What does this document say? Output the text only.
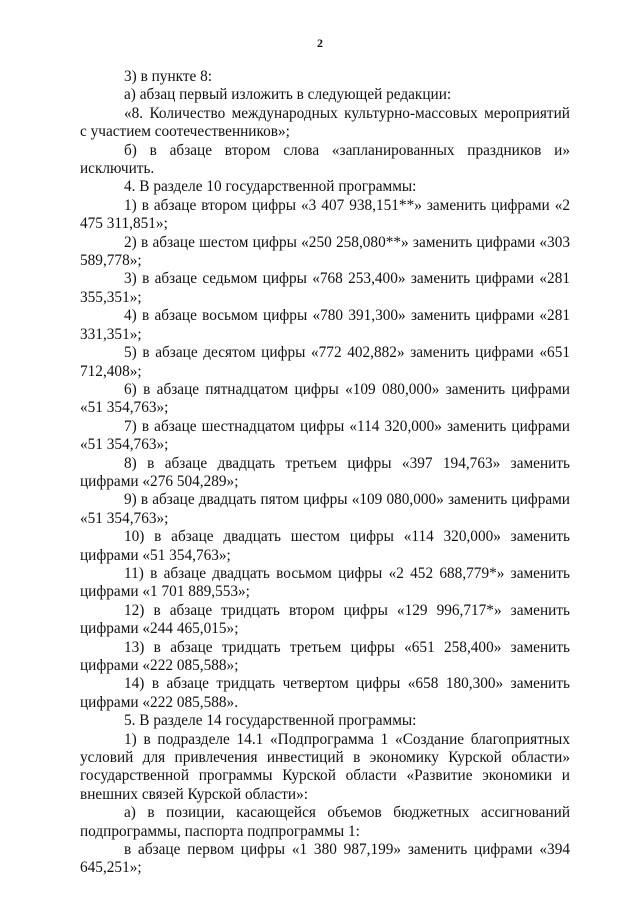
2

3) в пункте 8:

а) абзац первый изложить в следующей редакции:

«8. Количество международных культурно-массовых мероприятий с участием соотечественников»;

б) в абзаце втором слова «запланированных праздников и» исключить.

4. В разделе 10 государственной программы:

1) в абзаце втором цифры «3 407 938,151**» заменить цифрами «2 475 311,851»;

2) в абзаце шестом цифры «250 258,080**» заменить цифрами «303 589,778»;

3) в абзаце седьмом цифры «768 253,400» заменить цифрами «281 355,351»;

4) в абзаце восьмом цифры «780 391,300» заменить цифрами «281 331,351»;

5) в абзаце десятом цифры «772 402,882» заменить цифрами «651 712,408»;

6) в абзаце пятнадцатом цифры «109 080,000» заменить цифрами «51 354,763»;

7) в абзаце шестнадцатом цифры «114 320,000» заменить цифрами «51 354,763»;

8) в абзаце двадцать третьем цифры «397 194,763» заменить цифрами «276 504,289»;

9) в абзаце двадцать пятом цифры «109 080,000» заменить цифрами «51 354,763»;

10) в абзаце двадцать шестом цифры «114 320,000» заменить цифрами «51 354,763»;

11) в абзаце двадцать восьмом цифры «2 452 688,779*» заменить цифрами «1 701 889,553»;

12) в абзаце тридцать втором цифры «129 996,717*» заменить цифрами «244 465,015»;

13) в абзаце тридцать третьем цифры «651 258,400» заменить цифрами «222 085,588»;

14) в абзаце тридцать четвертом цифры «658 180,300» заменить цифрами «222 085,588».

5. В разделе 14 государственной программы:

1) в подразделе 14.1 «Подпрограмма 1 «Создание благоприятных условий для привлечения инвестиций в экономику Курской области» государственной программы Курской области «Развитие экономики и внешних связей Курской области»:

а) в позиции, касающейся объемов бюджетных ассигнований подпрограммы, паспорта подпрограммы 1:

в абзаце первом цифры «1 380 987,199» заменить цифрами «394 645,251»;
